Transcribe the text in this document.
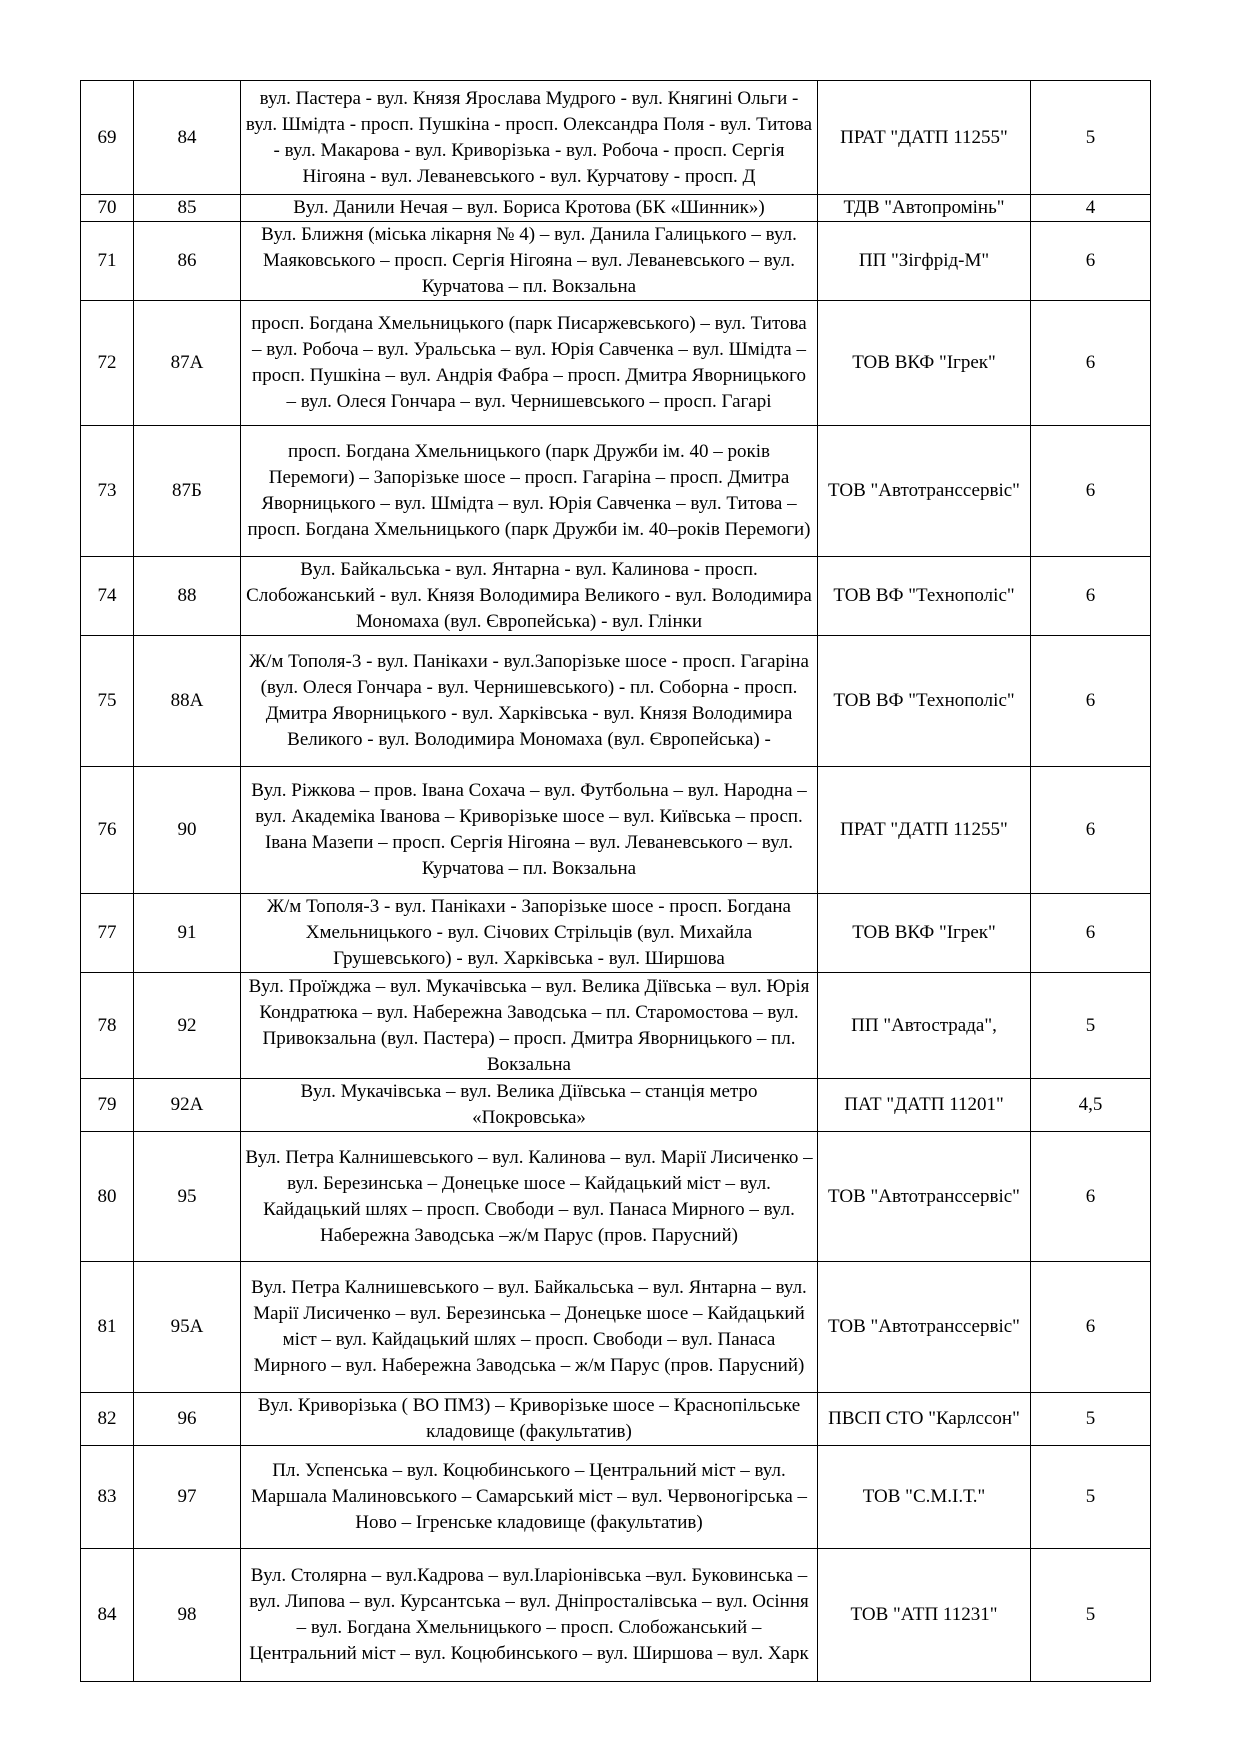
69	84	вул. Пастера - вул. Князя Ярослава Мудрого - вул. Княгині Ольги - вул. Шмідта - просп. Пушкіна - просп. Олександра Поля - вул. Титова - вул. Макарова - вул. Криворізька - вул. Робоча - просп. Сергія Нігояна - вул. Леваневського - вул. Курчатову - просп. Д	ПРАТ "ДАТП 11255"	5
70	85	Вул. Данили Нечая – вул. Бориса Кротова (БК «Шинник»)	ТДВ "Автопромінь"	4
71	86	Вул. Ближня (міська лікарня № 4) – вул. Данила Галицького – вул. Маяковського – просп. Сергія Нігояна – вул. Леваневського – вул. Курчатова – пл. Вокзальна	ПП "Зігфрід-М"	6
72	87А	просп. Богдана Хмельницького (парк Писаржевського) – вул. Титова – вул. Робоча – вул. Уральська – вул. Юрія Савченка – вул. Шмідта – просп. Пушкіна – вул. Андрія Фабра – просп. Дмитра Яворницького – вул. Олеся Гончара – вул. Чернишевського – просп. Гагарі	ТОВ ВКФ "Ігрек"	6
73	87Б	просп. Богдана Хмельницького (парк Дружби ім. 40 – років Перемоги) – Запорізьке шосе – просп. Гагаріна – просп. Дмитра Яворницького – вул. Шмідта – вул. Юрія Савченка – вул. Титова – просп. Богдана Хмельницького (парк Дружби ім. 40–років Перемоги)	ТОВ "Автотранссервіс"	6
74	88	Вул. Байкальська - вул. Янтарна - вул. Калинова - просп. Слобожанський - вул. Князя Володимира Великого - вул. Володимира Мономаха (вул. Європейська) - вул. Глінки	ТОВ ВФ "Технополіс"	6
75	88А	Ж/м Тополя-3 - вул. Панікахи - вул.Запорізьке шосе - просп. Гагаріна (вул. Олеся Гончара - вул. Чернишевського) - пл. Соборна - просп. Дмитра Яворницького - вул. Харківська - вул. Князя Володимира Великого - вул. Володимира Мономаха (вул. Європейська) -	ТОВ ВФ "Технополіс"	6
76	90	Вул. Ріжкова – пров. Івана Сохача – вул. Футбольна – вул. Народна – вул. Академіка Іванова – Криворізьке шосе – вул. Київська – просп. Івана Мазепи – просп. Сергія Нігояна – вул. Леваневського – вул. Курчатова – пл. Вокзальна	ПРАТ "ДАТП 11255"	6
77	91	Ж/м Тополя-3 - вул. Панікахи - Запорізьке шосе - просп. Богдана Хмельницького - вул. Січових Стрільців (вул. Михайла Грушевського) - вул. Харківська - вул. Ширшова	ТОВ ВКФ "Ігрек"	6
78	92	Вул. Проїжджа – вул. Мукачівська – вул. Велика Діївська – вул. Юрія Кондратюка – вул. Набережна Заводська – пл. Старомостова – вул. Привокзальна (вул. Пастера) – просп. Дмитра Яворницького – пл. Вокзальна	ПП "Автострада",	5
79	92А	Вул. Мукачівська – вул. Велика Діївська – станція метро «Покровська»	ПАТ "ДАТП 11201"	4,5
80	95	Вул. Петра Калнишевського – вул. Калинова – вул. Марії Лисиченко – вул. Березинська – Донецьке шосе – Кайдацький міст – вул. Кайдацький шлях – просп. Свободи – вул. Панаса Мирного – вул. Набережна Заводська –ж/м Парус (пров. Парусний)	ТОВ "Автотранссервіс"	6
81	95А	Вул. Петра Калнишевського – вул. Байкальська – вул. Янтарна – вул. Марії Лисиченко – вул. Березинська – Донецьке шосе – Кайдацький міст – вул. Кайдацький шлях – просп. Свободи – вул. Панаса Мирного – вул. Набережна Заводська – ж/м Парус (пров. Парусний)	ТОВ "Автотранссервіс"	6
82	96	Вул. Криворізька ( ВО ПМЗ) – Криворізьке шосе – Краснопільське кладовище (факультатив)	ПВСП СТО "Карлссон"	5
83	97	Пл. Успенська – вул. Коцюбинського – Центральний міст – вул. Маршала Малиновського – Самарський міст – вул. Червоногірська – Ново – Ігренське кладовище (факультатив)	ТОВ "С.М.І.Т."	5
84	98	Вул. Столярна – вул.Кадрова – вул.Іларіонівська –вул. Буковинська – вул. Липова – вул. Курсантська – вул. Дніпросталівська – вул. Осіння – вул. Богдана Хмельницького – просп. Слобожанський – Центральний міст – вул. Коцюбинського – вул. Ширшова – вул. Харк	ТОВ "АТП 11231"	5
